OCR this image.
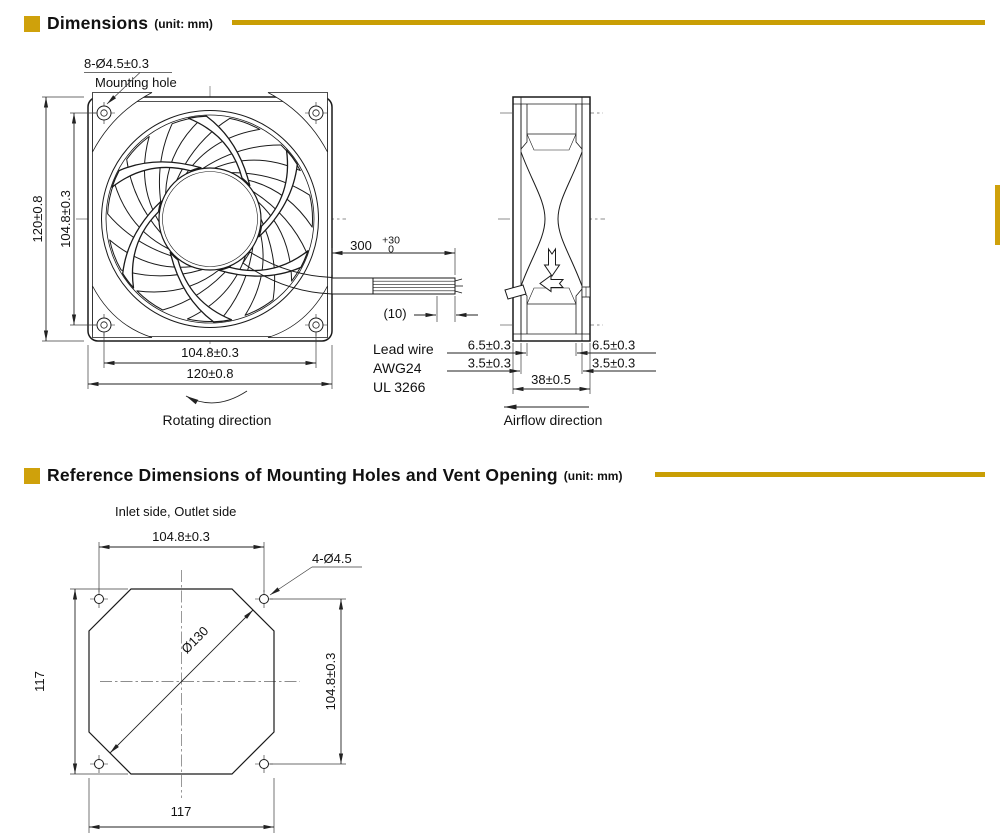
Dimensions (unit: mm)
8-Ø4.5±0.3
Mounting hole
120±0.8 104.8±0.3
104.8±0.3
120±0.8
Rotating direction
300 +30
0
(10)
Lead wire
AWG24
UL 3266
6.5±0.3
3.5±0.3
6.5±0.3
3.5±0.3
38±0.5
Airflow direction
Reference Dimensions of Mounting Holes and Vent Opening (unit: mm)
Inlet side, Outlet side
Ø130
104.8±0.3
4-Ø4.5
117	104.8±0.3
117
